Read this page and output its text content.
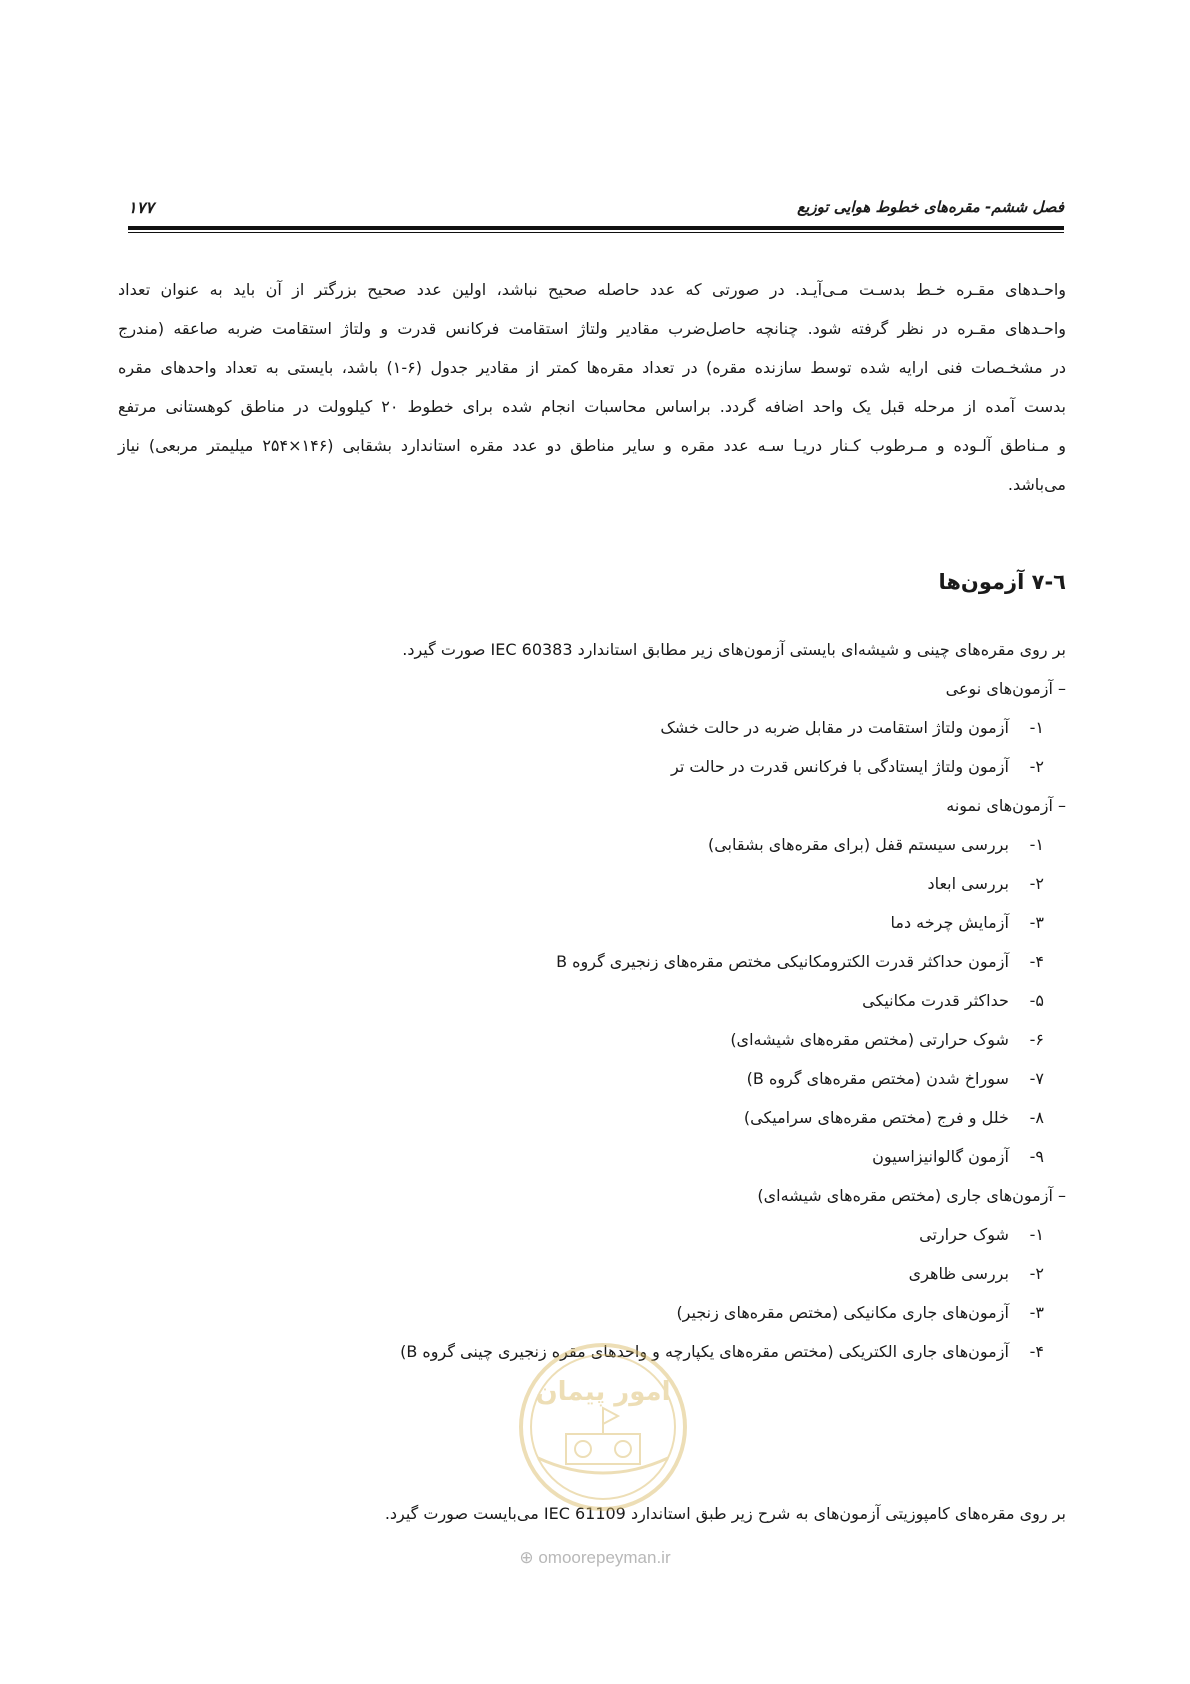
فصل ششم- مقره‌های خطوط هوایی توزیع
۱۷۷
واحـدهای مقـره خـط بدسـت مـی‌آیـد. در صورتی که عدد حاصله صحیح نباشد، اولین عدد صحیح بزرگتر از آن باید به عنوان تعداد
واحـدهای مقـره در نظر گرفته شود. چنانچه حاصل‌ضرب مقادیر ولتاژ استقامت فرکانس قدرت و ولتاژ استقامت ضربه صاعقه (مندرج
در مشخـصات فنی ارایه شده توسط سازنده مقره) در تعداد مقره‌ها کمتر از مقادیر جدول (۶-۱) باشد، بایستی به تعداد واحدهای مقره
بدست آمده از مرحله قبل یک واحد اضافه گردد. براساس محاسبات انجام شده برای خطوط ۲۰ کیلوولت در مناطق کوهستانی مرتفع
و مـناطق آلـوده و مـرطوب کـنار دریـا سـه عدد مقره و سایر مناطق دو عدد مقره استاندارد بشقابی (۱۴۶×۲۵۴ میلیمتر مربعی) نیاز
می‌باشد.
٦-٧ آزمون‌ها
بر روی مقره‌های چینی و شیشه‌ای بایستی آزمون‌های زیر مطابق استاندارد IEC 60383 صورت گیرد.
– آزمون‌های نوعی
۱- آزمون ولتاژ استقامت در مقابل ضربه در حالت خشک
۲- آزمون ولتاژ ایستادگی با فرکانس قدرت در حالت تر
– آزمون‌های نمونه
۱- بررسی سیستم قفل (برای مقره‌های بشقابی)
۲- بررسی ابعاد
۳- آزمایش چرخه دما
۴- آزمون حداکثر قدرت الکترومکانیکی مختص مقره‌های زنجیری گروه B
۵- حداکثر قدرت مکانیکی
۶- شوک حرارتی (مختص مقره‌های شیشه‌ای)
۷- سوراخ شدن (مختص مقره‌های گروه B)
۸- خلل و فرج (مختص مقره‌های سرامیکی)
۹- آزمون گالوانیزاسیون
– آزمون‌های جاری (مختص مقره‌های شیشه‌ای)
۱- شوک حرارتی
۲- بررسی ظاهری
۳- آزمون‌های جاری مکانیکی (مختص مقره‌های زنجیر)
۴- آزمون‌های جاری الکتریکی (مختص مقره‌های یکپارچه و واحدهای مقره زنجیری چینی گروه B)
بر روی مقره‌های کامپوزیتی آزمون‌های به شرح زیر طبق استاندارد IEC 61109 می‌بایست صورت گیرد.
امور پیمان
⊕ omoorepeyman.ir
